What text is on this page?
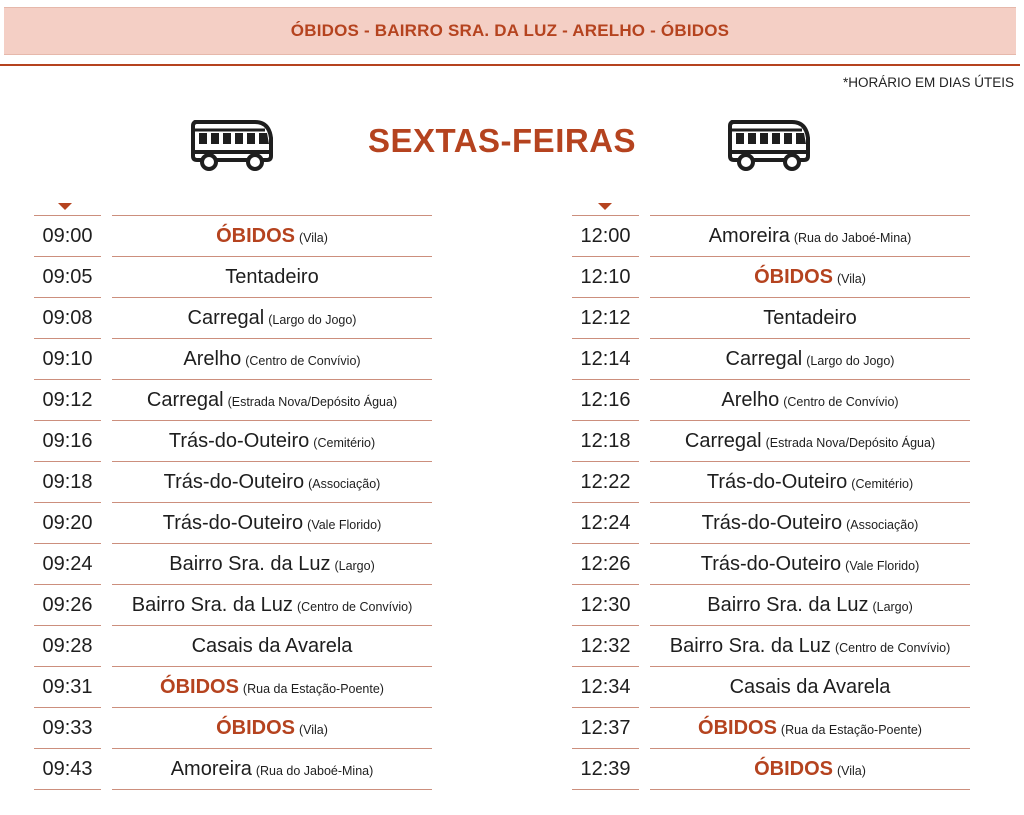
ÓBIDOS - BAIRRO SRA. DA LUZ - ARELHO - ÓBIDOS
*HORÁRIO EM DIAS ÚTEIS
SEXTAS-FEIRAS
09:00	ÓBIDOS (Vila)
09:05	Tentadeiro
09:08	Carregal (Largo do Jogo)
09:10	Arelho (Centro de Convívio)
09:12	Carregal (Estrada Nova/Depósito Água)
09:16	Trás-do-Outeiro (Cemitério)
09:18	Trás-do-Outeiro (Associação)
09:20	Trás-do-Outeiro (Vale Florido)
09:24	Bairro Sra. da Luz (Largo)
09:26	Bairro Sra. da Luz (Centro de Convívio)
09:28	Casais da Avarela
09:31	ÓBIDOS (Rua da Estação-Poente)
09:33	ÓBIDOS (Vila)
09:43	Amoreira (Rua do Jaboé-Mina)
12:00	Amoreira (Rua do Jaboé-Mina)
12:10	ÓBIDOS (Vila)
12:12	Tentadeiro
12:14	Carregal (Largo do Jogo)
12:16	Arelho (Centro de Convívio)
12:18	Carregal (Estrada Nova/Depósito Água)
12:22	Trás-do-Outeiro (Cemitério)
12:24	Trás-do-Outeiro (Associação)
12:26	Trás-do-Outeiro (Vale Florido)
12:30	Bairro Sra. da Luz (Largo)
12:32	Bairro Sra. da Luz (Centro de Convívio)
12:34	Casais da Avarela
12:37	ÓBIDOS (Rua da Estação-Poente)
12:39	ÓBIDOS (Vila)
